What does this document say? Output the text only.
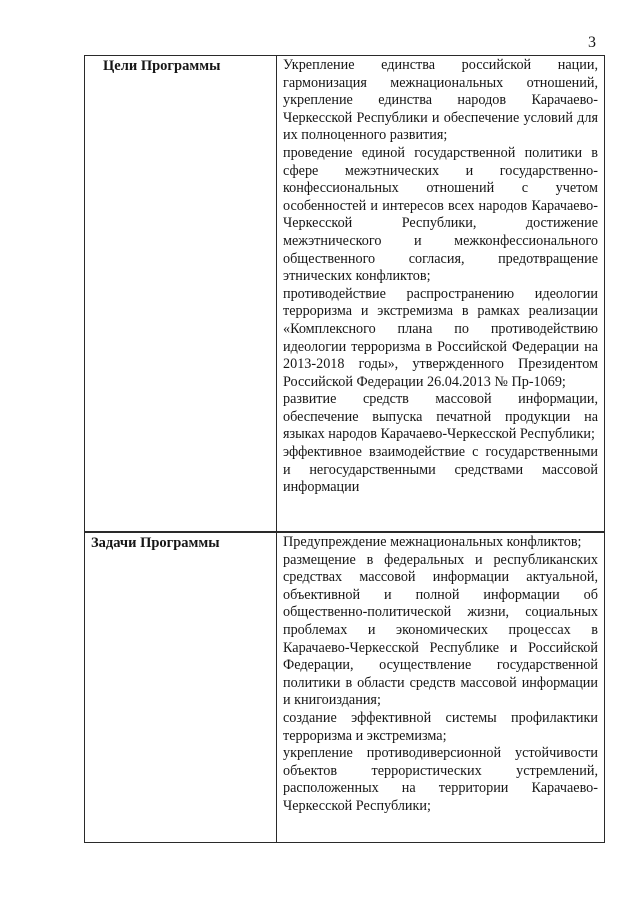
3
Цели Программы	Укрепление единства российской нации, гармонизация межнациональных отношений, укрепление единства народов Карачаево-Черкесской Республики и обеспечение условий для их полноценного развития;

проведение единой государственной политики в сфере межэтнических и государственно-конфессиональных отношений с учетом особенностей и интересов всех народов Карачаево-Черкесской Республики, достижение межэтнического и межконфессионального общественного согласия, предотвращение этнических конфликтов;

противодействие распространению идеологии терроризма и экстремизма в рамках реализации «Комплексного плана по противодействию идеологии терроризма в Российской Федерации на 2013-2018 годы», утвержденного Президентом Российской Федерации 26.04.2013 № Пр-1069;

развитие средств массовой информации, обеспечение выпуска печатной продукции на языках народов Карачаево-Черкесской Республики;

эффективное взаимодействие с государственными и негосударственными средствами массовой информации

Задачи Программы	Предупреждение межнациональных конфликтов;

размещение в федеральных и республиканских средствах массовой информации актуальной, объективной и полной информации об общественно-политической жизни, социальных проблемах и экономических процессах в Карачаево-Черкесской Республике и Российской Федерации, осуществление государственной политики в области средств массовой информации и книгоиздания;

создание эффективной системы профилактики терроризма и экстремизма;

укрепление противодиверсионной устойчивости объектов террористических устремлений, расположенных на территории Карачаево-Черкесской Республики;
